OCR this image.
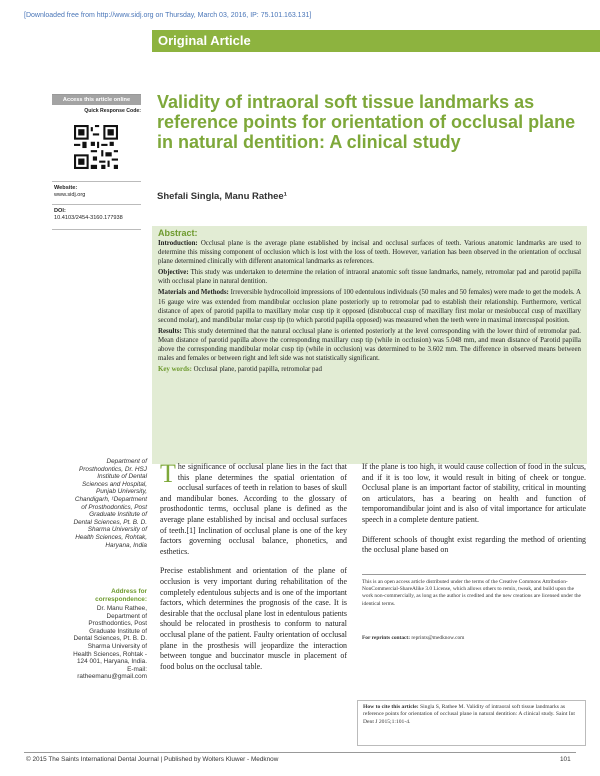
[Downloaded free from http://www.sidj.org on Thursday, March 03, 2016, IP: 75.101.163.131]
Original Article
Access this article online
Quick Response Code:
Website:
www.sidj.org
DOI:
10.4103/2454-3160.177938
Validity of intraoral soft tissue landmarks as reference points for orientation of occlusal plane in natural dentition: A clinical study
Shefali Singla, Manu Rathee¹
Abstract:

Introduction: Occlusal plane is the average plane established by incisal and occlusal surfaces of teeth. Various anatomic landmarks are used to determine this missing component of occlusion which is lost with the loss of teeth. However, variation has been observed in the orientation of occlusal plane determined clinically with different anatomical landmarks as references.

Objective: This study was undertaken to determine the relation of intraoral anatomic soft tissue landmarks, namely, retromolar pad and parotid papilla with occlusal plane in natural dentition.

Materials and Methods: Irreversible hydrocolloid impressions of 100 edentulous individuals (50 males and 50 females) were made to get the models. A 16 gauge wire was extended from mandibular occlusion plane posteriorly up to retromolar pad to establish their relationship. Furthermore, vertical distance of apex of parotid papilla to maxillary molar cusp tip it opposed (distobuccal cusp of maxillary first molar or mesiobuccal cusp of maxillary second molar), and mandibular molar cusp tip (to which parotid papilla opposed) was measured when the teeth were in maximal intercuspal position.

Results: This study determined that the natural occlusal plane is oriented posteriorly at the level corresponding with the lower third of retromolar pad. Mean distance of parotid papilla above the corresponding maxillary cusp tip (while in occlusion) was 5.048 mm, and mean distance of Parotid papilla above the corresponding mandibular molar cusp tip (while in occlusion) was determined to be 3.602 mm. The difference in observed means between males and females or between right and left side was not statistically significant.

Key words: Occlusal plane, parotid papilla, retromolar pad

Department of Prosthodontics, Dr. HSJ Institute of Dental Sciences and Hospital, Punjab University, Chandigarh, ¹Department of Prosthodontics, Post Graduate Institute of Dental Sciences, Pt. B. D. Sharma University of Health Sciences, Rohtak, Haryana, India
Address for correspondence:
Dr. Manu Rathee, Department of Prosthodontics, Post Graduate Institute of Dental Sciences, Pt. B. D. Sharma University of Health Sciences, Rohtak - 124 001, Haryana, India. E-mail: ratheemanu@gmail.com

The significance of occlusal plane lies in the fact that this plane determines the spatial orientation of occlusal surfaces of teeth in relation to bases of skull and mandibular bones. According to the glossary of prosthodontic terms, occlusal plane is defined as the average plane established by incisal and occlusal surfaces of teeth.[1] Inclination of occlusal plane is one of the key factors governing occlusal balance, phonetics, and esthetics.

Precise establishment and orientation of the plane of occlusion is very important during rehabilitation of the completely edentulous subjects and is one of the important factors, which determines the prognosis of the case. It is desirable that the occlusal plane lost in edentulous patients should be relocated in prosthesis to conform to natural occlusal plane of the patient. Faulty orientation of occlusal plane in the prosthesis will jeopardize the interaction between tongue and buccinator muscle in placement of food bolus on the occlusal table.

If the plane is too high, it would cause collection of food in the sulcus, and if it is too low, it would result in biting of cheek or tongue. Occlusal plane is an important factor of stability, critical in mounting on articulators, has a bearing on health and function of temporomandibular joint and is also of vital importance for articulate speech in a complete denture patient.

Different schools of thought exist regarding the method of orienting the occlusal plane based on

This is an open access article distributed under the terms of the Creative Commons Attribution-NonCommercial-ShareAlike 3.0 License, which allows others to remix, tweak, and build upon the work non-commercially, as long as the author is credited and the new creations are licensed under the identical terms.
For reprints contact: reprints@medknow.com
How to cite this article: Singla S, Rathee M. Validity of intraoral soft tissue landmarks as reference points for orientation of occlusal plane in natural dentition: A clinical study. Saint Int Dent J 2015;1:101-4.
© 2015 The Saints International Dental Journal | Published by Wolters Kluwer - Medknow	101
